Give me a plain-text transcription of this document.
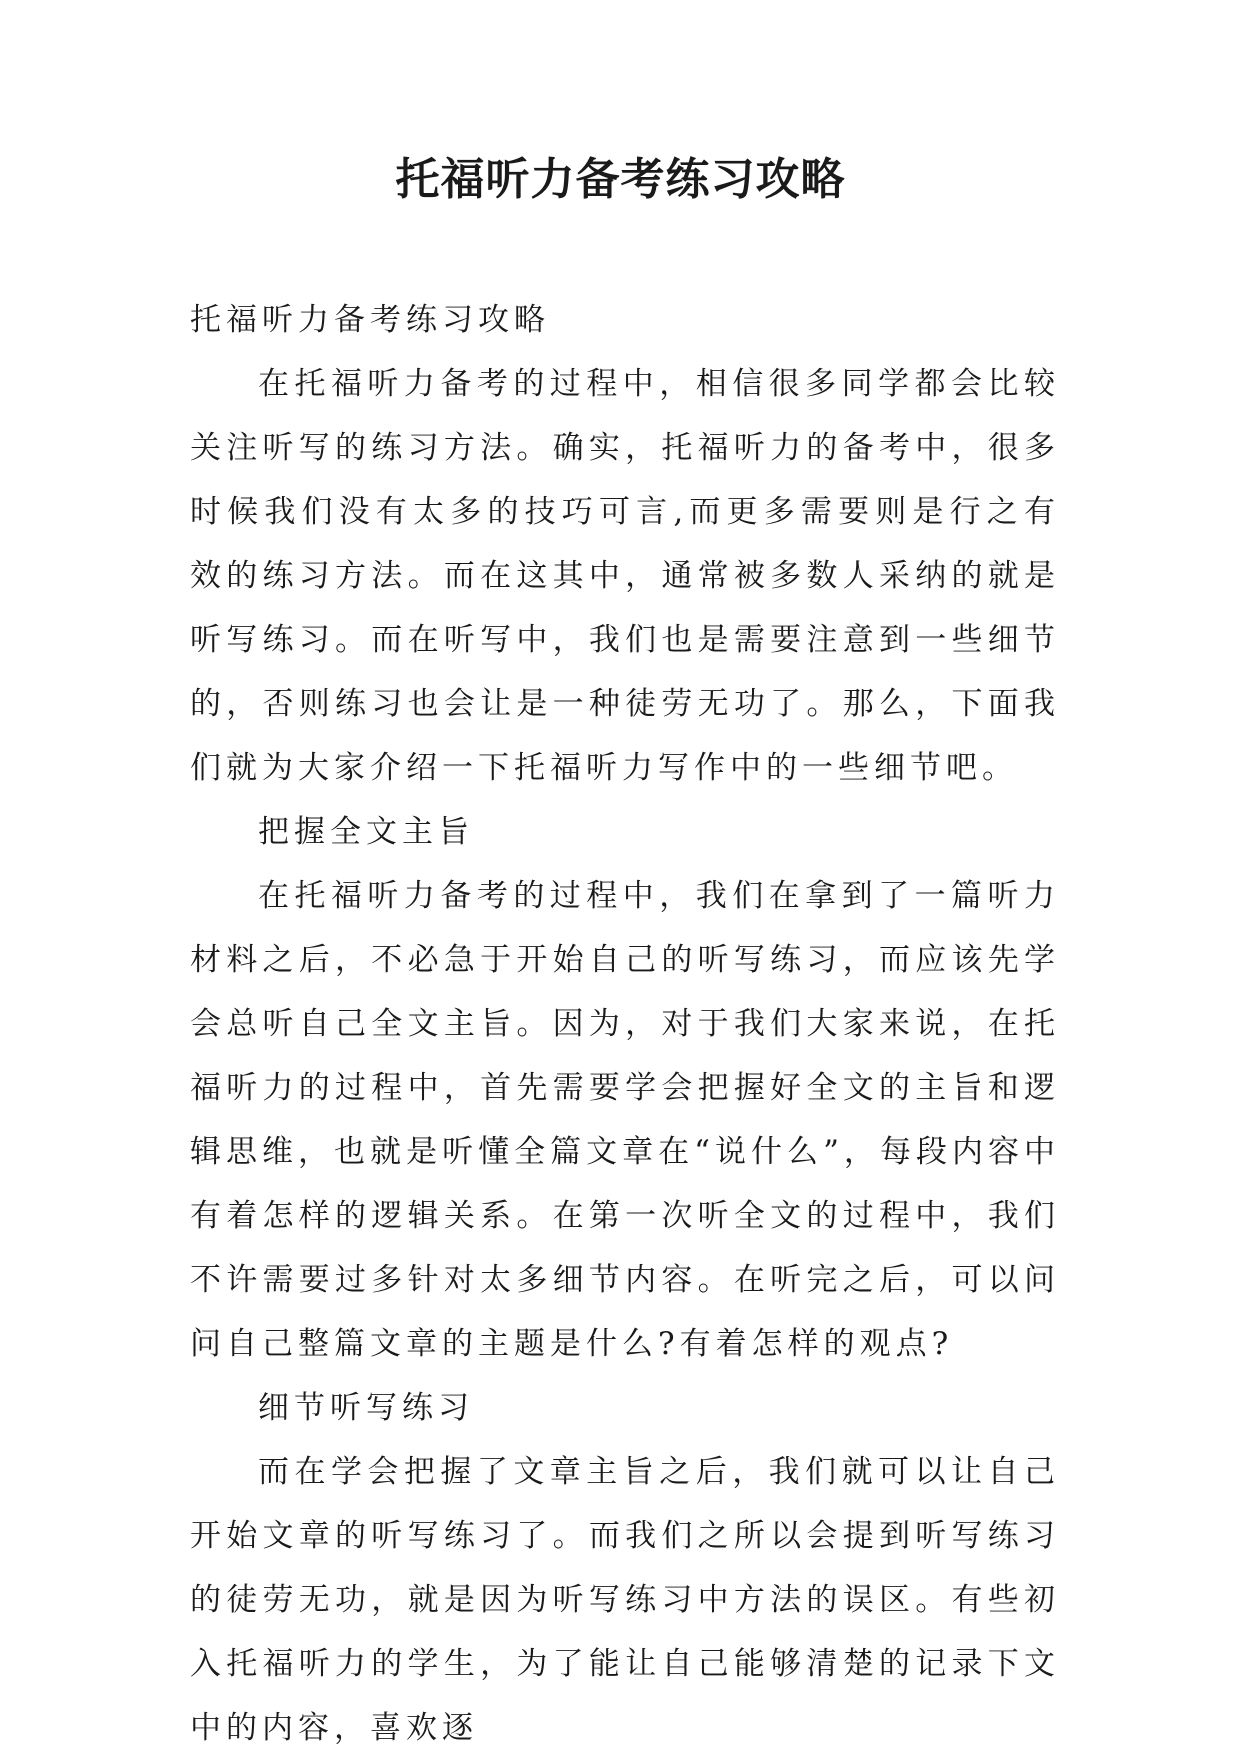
托福听力备考练习攻略

托福听力备考练习攻略

在托福听力备考的过程中，相信很多同学都会比较关注听写的练习方法。确实，托福听力的备考中，很多时候我们没有太多的技巧可言,而更多需要则是行之有效的练习方法。而在这其中，通常被多数人采纳的就是听写练习。而在听写中，我们也是需要注意到一些细节的，否则练习也会让是一种徒劳无功了。那么，下面我们就为大家介绍一下托福听力写作中的一些细节吧。

把握全文主旨

在托福听力备考的过程中，我们在拿到了一篇听力材料之后，不必急于开始自己的听写练习，而应该先学会总听自己全文主旨。因为，对于我们大家来说，在托福听力的过程中，首先需要学会把握好全文的主旨和逻辑思维，也就是听懂全篇文章在“说什么”，每段内容中有着怎样的逻辑关系。在第一次听全文的过程中，我们不许需要过多针对太多细节内容。在听完之后，可以问问自己整篇文章的主题是什么?有着怎样的观点?

细节听写练习

而在学会把握了文章主旨之后，我们就可以让自己开始文章的听写练习了。而我们之所以会提到听写练习的徒劳无功，就是因为听写练习中方法的误区。有些初入托福听力的学生，为了能让自己能够清楚的记录下文中的内容，喜欢逐
